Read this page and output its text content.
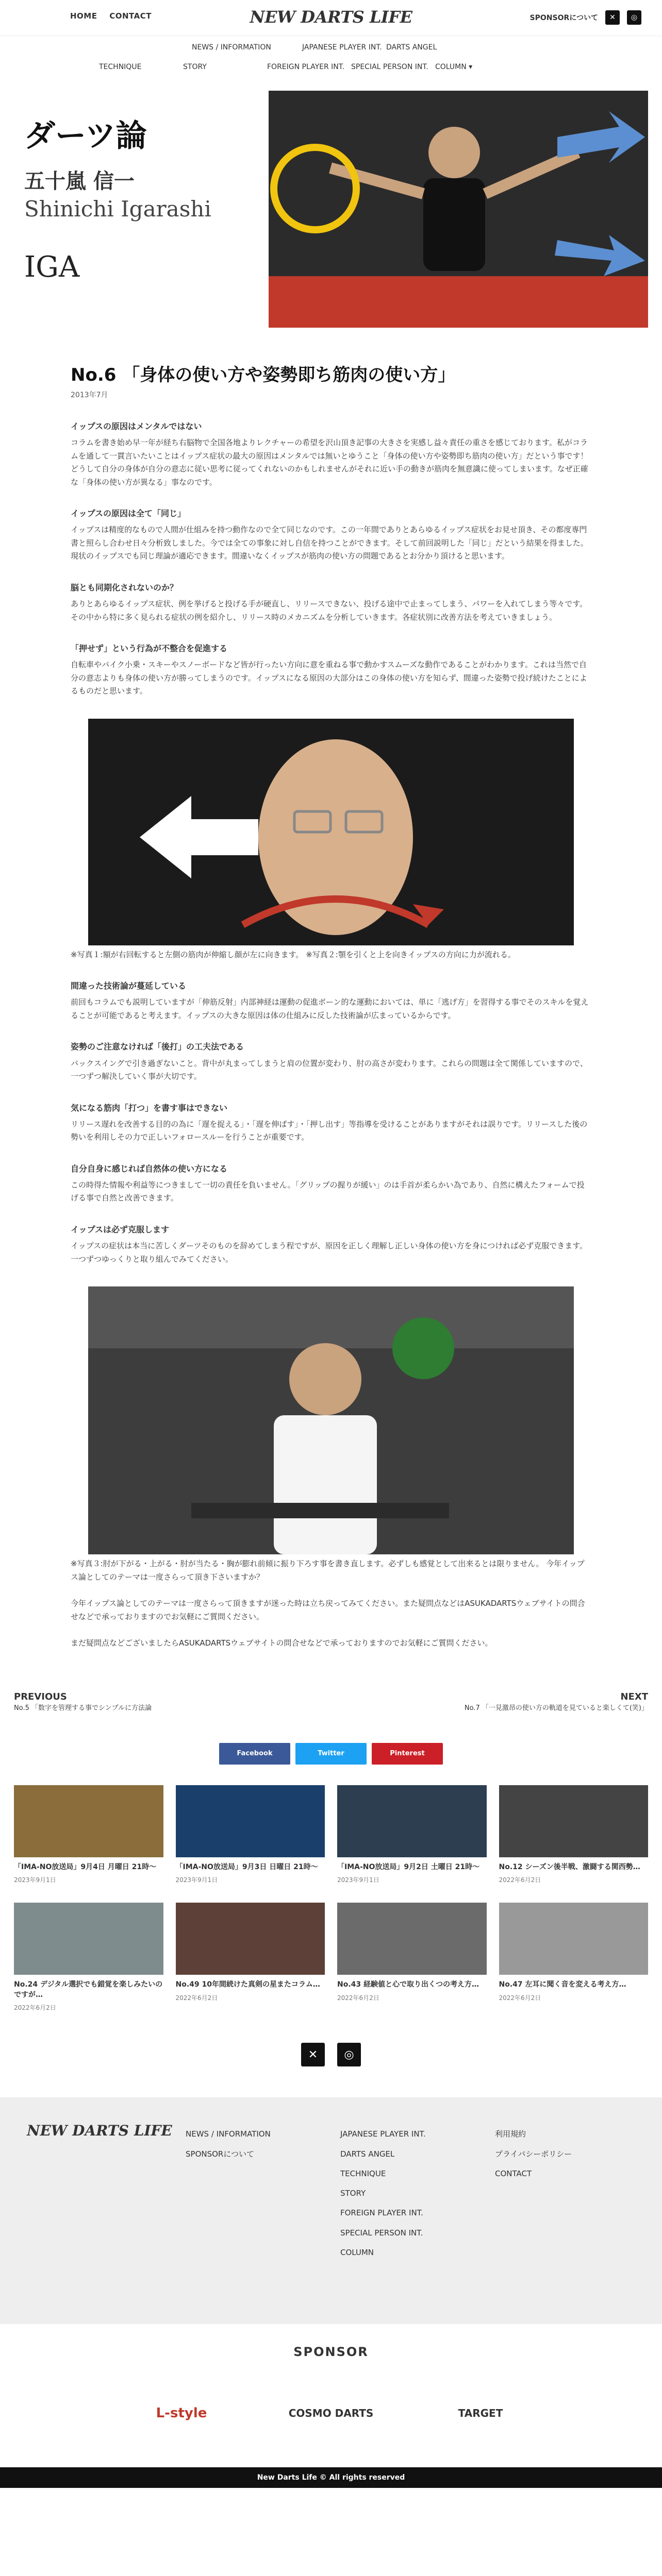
HOME CONTACT	NEW DARTS LIFE	SPONSORについて	✕	◎
NEWS / INFORMATION	JAPANESE PLAYER INT. DARTS ANGEL
TECHNIQUE	STORY	FOREIGN PLAYER INT. SPECIAL PERSON INT. COLUMN ▾
ダーツ論
五十嵐 信一
Shinichi Igarashi
IGA
No.6 「身体の使い方や姿勢即ち筋肉の使い方」
2013年7月
イップスの原因はメンタルではない

コラムを書き始め早一年が経ち右脳物で全国各地よりレクチャーの希望を沢山頂き記事の大きさを実感し益々責任の重さを感じております。私がコラムを通して一貫言いたいことはイップス症状の最大の原因はメンタルでは無いとゆうこと「身体の使い方や姿勢即ち筋肉の使い方」だという事です！どうして自分の身体が自分の意志に従い思考に従ってくれないのかもしれませんがそれに近い手の動きが筋肉を無意識に使ってしまいます。なぜ正確な「身体の使い方が異なる」事なのです。

イップスの原因は全て「同じ」

イップスは精度的なもので人間が仕組みを持つ動作なので全て同じなのです。この一年間でありとあらゆるイップス症状をお見せ頂き、その都度専門書と照らし合わせ日々分析致しました。今では全ての事象に対し自信を持つことができます。そして前回説明した「同じ」だという結果を得ました。現状のイップスでも同じ理論が適応できます。間違いなくイップスが筋肉の使い方の問題であるとお分かり頂けると思います。

脳とも同期化されないのか？

ありとあらゆるイップス症状、例を挙げると投げる手が硬直し、リリースできない、投げる途中で止まってしまう、パワーを入れてしまう等々です。その中から特に多く見られる症状の例を紹介し、リリース時のメカニズムを分析していきます。各症状別に改善方法を考えていきましょう。

「押せず」という行為が不整合を促進する

自転車やバイク小乗・スキーやスノーボードなど皆が行ったい方向に意を重ねる事で動かすスムーズな動作であることがわかります。これは当然で自分の意志よりも身体の使い方が勝ってしまうのです。イップスになる原因の大部分はこの身体の使い方を知らず、間違った姿勢で投げ続けたことによるものだと思います。

※写真１:額が右回転すると左側の筋肉が伸縮し顔が左に向きます。 ※写真２:顎を引くと上を向きイップスの方向に力が流れる。

間違った技術論が蔓延している

前回もコラムでも説明していますが「伸筋反射」内部神経は運動の促進ボーン的な運動においては、単に「逃げ方」を習得する事でそのスキルを覚えることが可能であると考えます。イップスの大きな原因は体の仕組みに反した技術論が広まっているからです。

姿勢のご注意なければ「後打」の工夫法である

バックスイングで引き過ぎないこと。背中が丸まってしまうと肩の位置が変わり、肘の高さが変わります。これらの問題は全て関係していますので、一つずつ解決していく事が大切です。

気になる筋肉「打つ」を書す事はできない

リリース遅れを改善する目的の為に「遅を捉える」・「遅を伸ばす」・「押し出す」等指導を受けることがありますがそれは誤りです。リリースした後の勢いを利用しその力で正しいフォロースルーを行うことが重要です。

自分自身に感じれば自然体の使い方になる

この時得た情報や利益等につきまして一切の責任を負いません。「グリップの握りが緩い」のは手首が柔らかい為であり、自然に構えたフォームで投げる事で自然と改善できます。

イップスは必ず克服します

イップスの症状は本当に苦しくダーツそのものを辞めてしまう程ですが、原因を正しく理解し正しい身体の使い方を身につければ必ず克服できます。一つずつゆっくりと取り組んでみてください。

※写真３:肘が下がる・上がる・肘が当たる・胸が膨れ前傾に振り下ろす事を書き直します。必ずしも感覚として出来るとは限りません。 今年イップス論としてのテーマは一度さらって頂き下さいますか？

今年イップス論としてのテーマは一度さらって頂きますが迷った時は立ち戻ってみてください。また疑問点などはASUKADARTSウェブサイトの問合せなどで承っておりますのでお気軽にご質問ください。

まだ疑問点などございましたらASUKADARTSウェブサイトの問合せなどで承っておりますのでお気軽にご質問ください。

PREVIOUS
No.5 「数字を管理する事でシンプルに方法論
NEXT
No.7 「一見激昂の使い方の軌道を見ていると楽しくて(笑)」
Facebook	Twitter	Pinterest
「IMA-NO放送局」9月4日 月曜日 21時〜
2023年9月1日
「IMA-NO放送局」9月3日 日曜日 21時〜
2023年9月1日
「IMA-NO放送局」9月2日 土曜日 21時〜
2023年9月1日
No.12 シーズン後半戦、激闘する関西勢…
2022年6月2日
No.24 デジタル選択でも錯覚を楽しみたいのですが…
2022年6月2日
No.49 10年間続けた真剣の星またコラム…
2022年6月2日
No.43 経験値と心で取り出くつの考え方…
2022年6月2日
No.47 左耳に聞く音を変える考え方…
2022年6月2日
✕	◎
NEW DARTS LIFE NEWS / INFORMATION
SPONSORについて
JAPANESE PLAYER INT.
DARTS ANGEL
TECHNIQUE
STORY
FOREIGN PLAYER INT.
SPECIAL PERSON INT.
COLUMN
利用規約
プライバシーポリシー
CONTACT
SPONSOR
L-style	COSMO DARTS	TARGET
New Darts Life © All rights reserved
